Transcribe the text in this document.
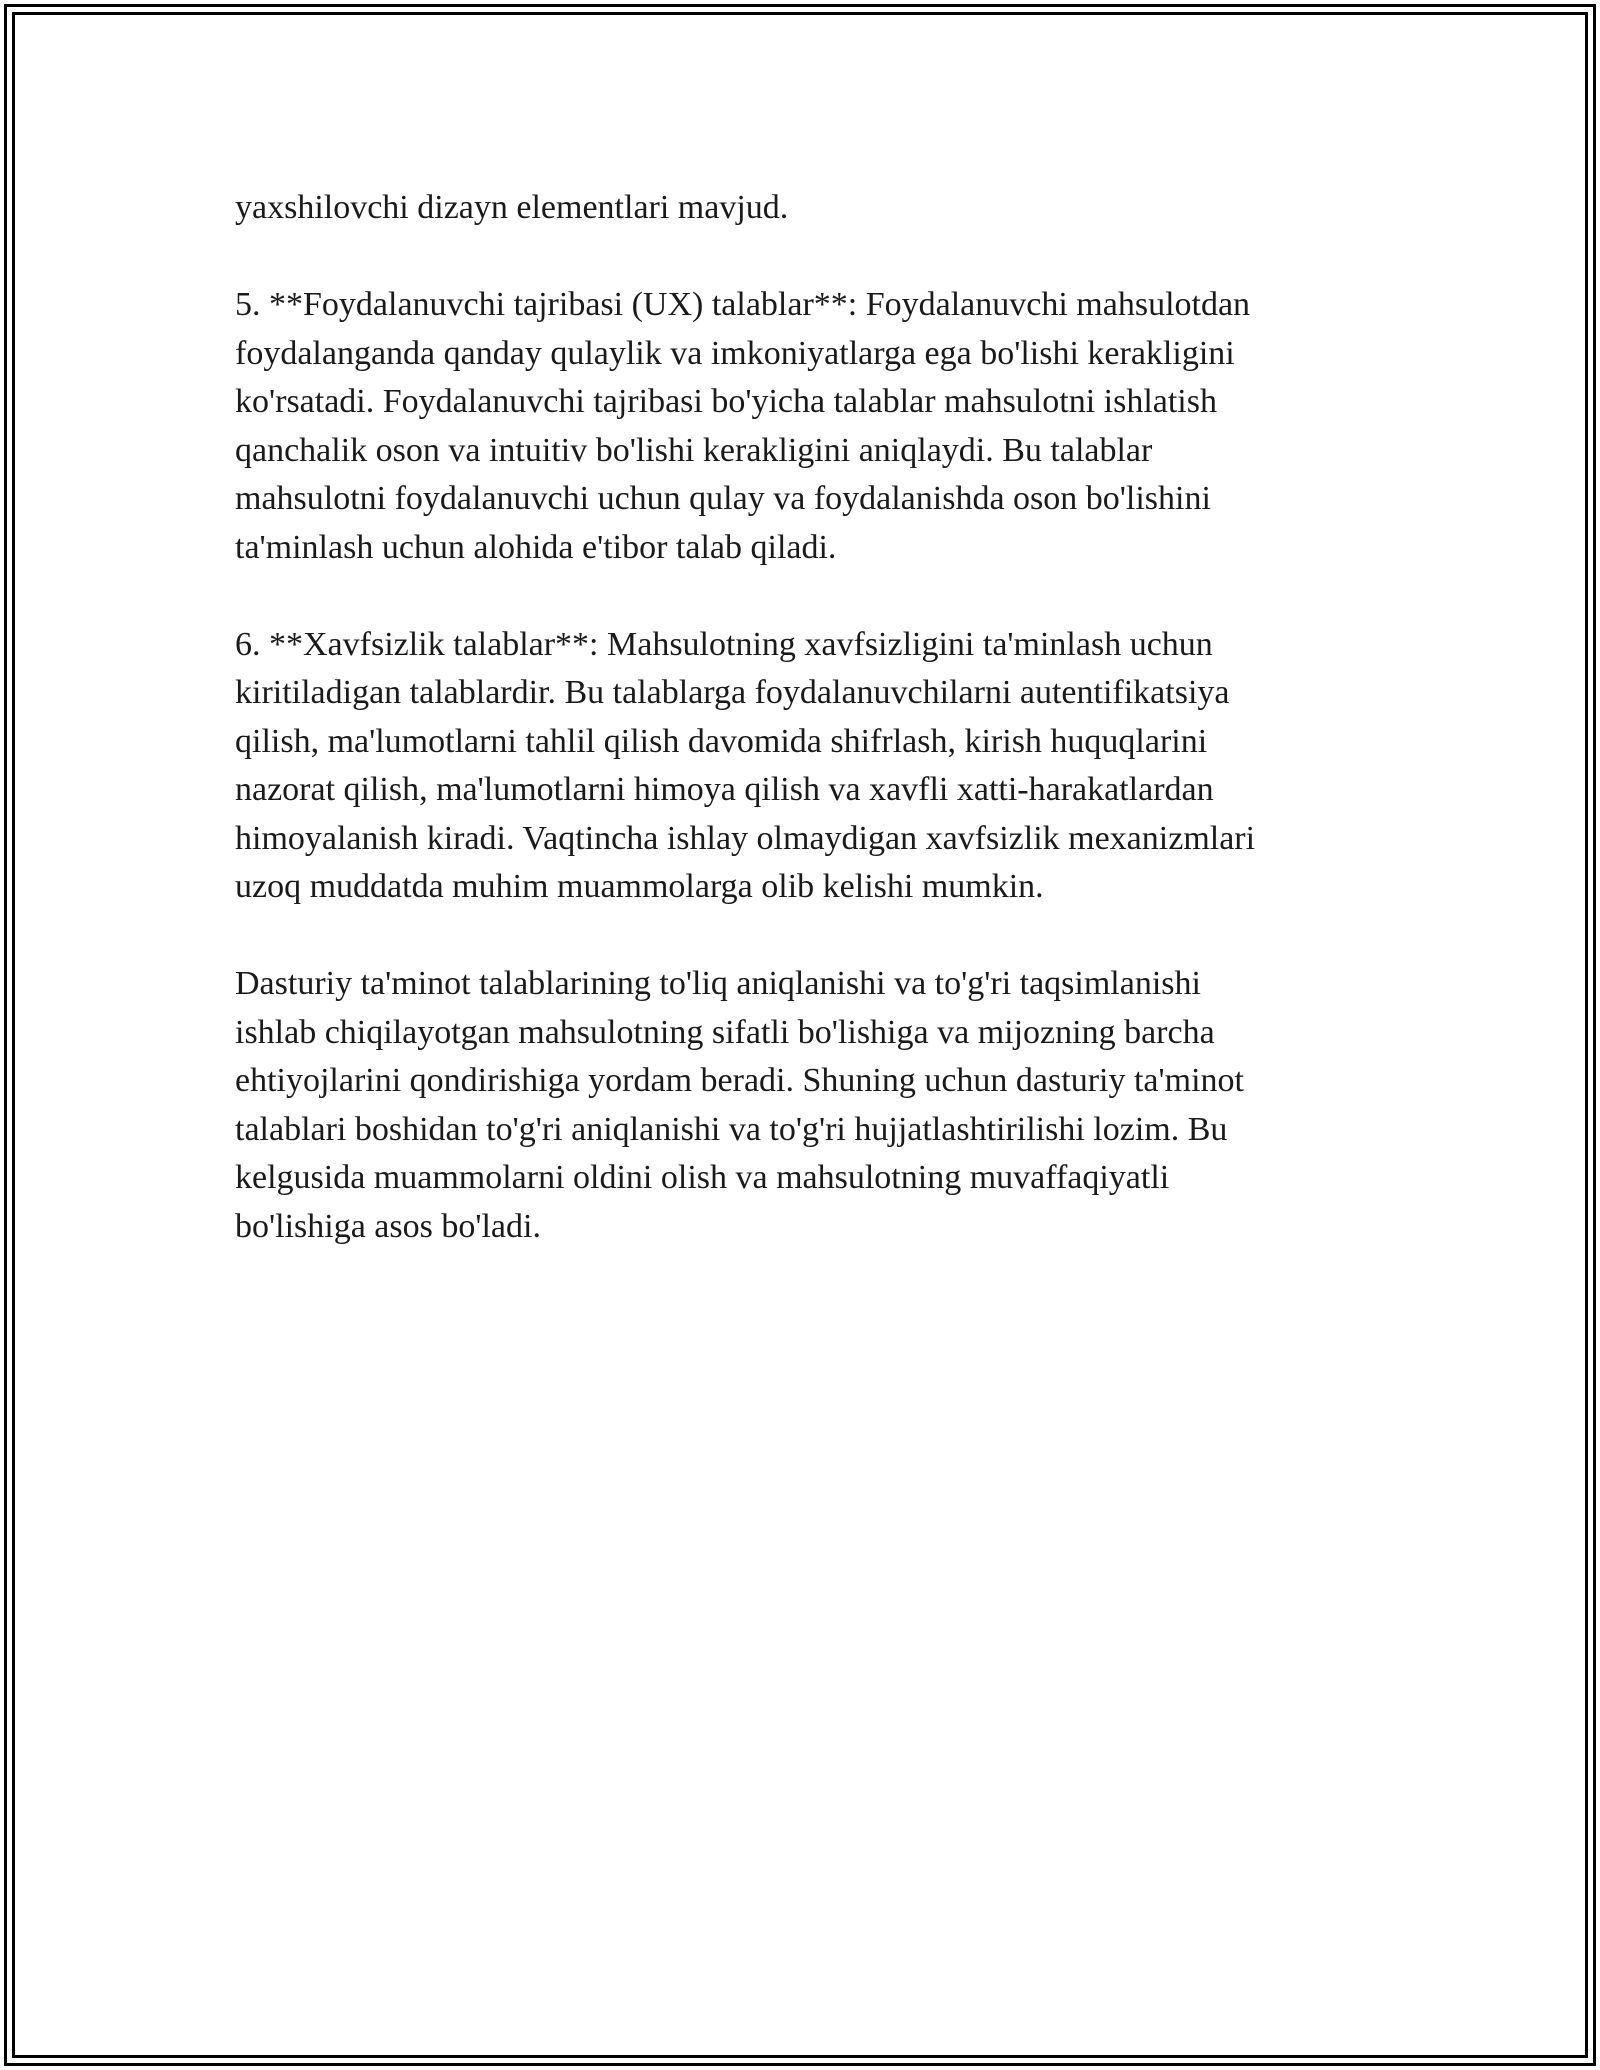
yaxshilovchi dizayn elementlari mavjud.

5. **Foydalanuvchi tajribasi (UX) talablar**: Foydalanuvchi mahsulotdan
foydalanganda qanday qulaylik va imkoniyatlarga ega bo'lishi kerakligini
ko'rsatadi. Foydalanuvchi tajribasi bo'yicha talablar mahsulotni ishlatish
qanchalik oson va intuitiv bo'lishi kerakligini aniqlaydi. Bu talablar
mahsulotni foydalanuvchi uchun qulay va foydalanishda oson bo'lishini
ta'minlash uchun alohida e'tibor talab qiladi.

6. **Xavfsizlik talablar**: Mahsulotning xavfsizligini ta'minlash uchun
kiritiladigan talablardir. Bu talablarga foydalanuvchilarni autentifikatsiya
qilish, ma'lumotlarni tahlil qilish davomida shifrlash, kirish huquqlarini
nazorat qilish, ma'lumotlarni himoya qilish va xavfli xatti-harakatlardan
himoyalanish kiradi. Vaqtincha ishlay olmaydigan xavfsizlik mexanizmlari
uzoq muddatda muhim muammolarga olib kelishi mumkin.

Dasturiy ta'minot talablarining to'liq aniqlanishi va to'g'ri taqsimlanishi
ishlab chiqilayotgan mahsulotning sifatli bo'lishiga va mijozning barcha
ehtiyojlarini qondirishiga yordam beradi. Shuning uchun dasturiy ta'minot
talablari boshidan to'g'ri aniqlanishi va to'g'ri hujjatlashtirilishi lozim. Bu
kelgusida muammolarni oldini olish va mahsulotning muvaffaqiyatli
bo'lishiga asos bo'ladi.
